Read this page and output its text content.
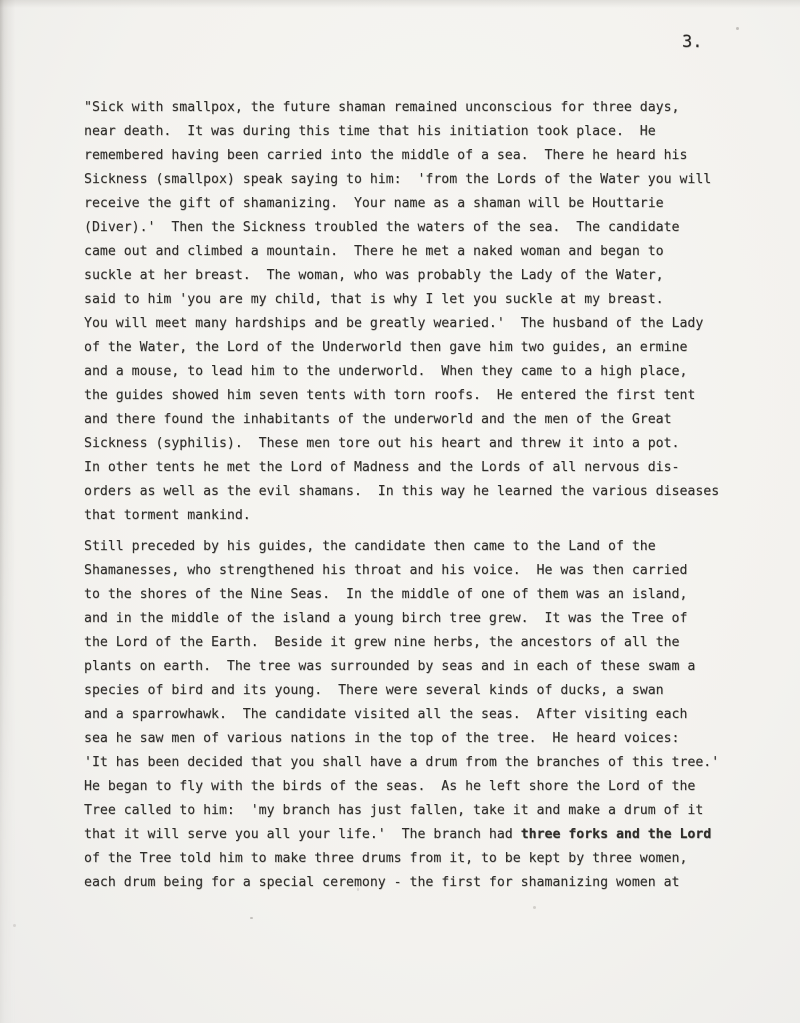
3.
"Sick with smallpox, the future shaman remained unconscious for three days,
near death.  It was during this time that his initiation took place.  He
remembered having been carried into the middle of a sea.  There he heard his
Sickness (smallpox) speak saying to him:  'from the Lords of the Water you will
receive the gift of shamanizing.  Your name as a shaman will be Houttarie
(Diver).'  Then the Sickness troubled the waters of the sea.  The candidate
came out and climbed a mountain.  There he met a naked woman and began to
suckle at her breast.  The woman, who was probably the Lady of the Water,
said to him 'you are my child, that is why I let you suckle at my breast.
You will meet many hardships and be greatly wearied.'  The husband of the Lady
of the Water, the Lord of the Underworld then gave him two guides, an ermine
and a mouse, to lead him to the underworld.  When they came to a high place,
the guides showed him seven tents with torn roofs.  He entered the first tent
and there found the inhabitants of the underworld and the men of the Great
Sickness (syphilis).  These men tore out his heart and threw it into a pot.
In other tents he met the Lord of Madness and the Lords of all nervous dis-
orders as well as the evil shamans.  In this way he learned the various diseases
that torment mankind.
Still preceded by his guides, the candidate then came to the Land of the
Shamanesses, who strengthened his throat and his voice.  He was then carried
to the shores of the Nine Seas.  In the middle of one of them was an island,
and in the middle of the island a young birch tree grew.  It was the Tree of
the Lord of the Earth.  Beside it grew nine herbs, the ancestors of all the
plants on earth.  The tree was surrounded by seas and in each of these swam a
species of bird and its young.  There were several kinds of ducks, a swan
and a sparrowhawk.  The candidate visited all the seas.  After visiting each
sea he saw men of various nations in the top of the tree.  He heard voices:
'It has been decided that you shall have a drum from the branches of this tree.'
He began to fly with the birds of the seas.  As he left shore the Lord of the
Tree called to him:  'my branch has just fallen, take it and make a drum of it
that it will serve you all your life.'  The branch had three forks and the Lord
of the Tree told him to make three drums from it, to be kept by three women,
each drum being for a special ceremony - the first for shamanizing women at
